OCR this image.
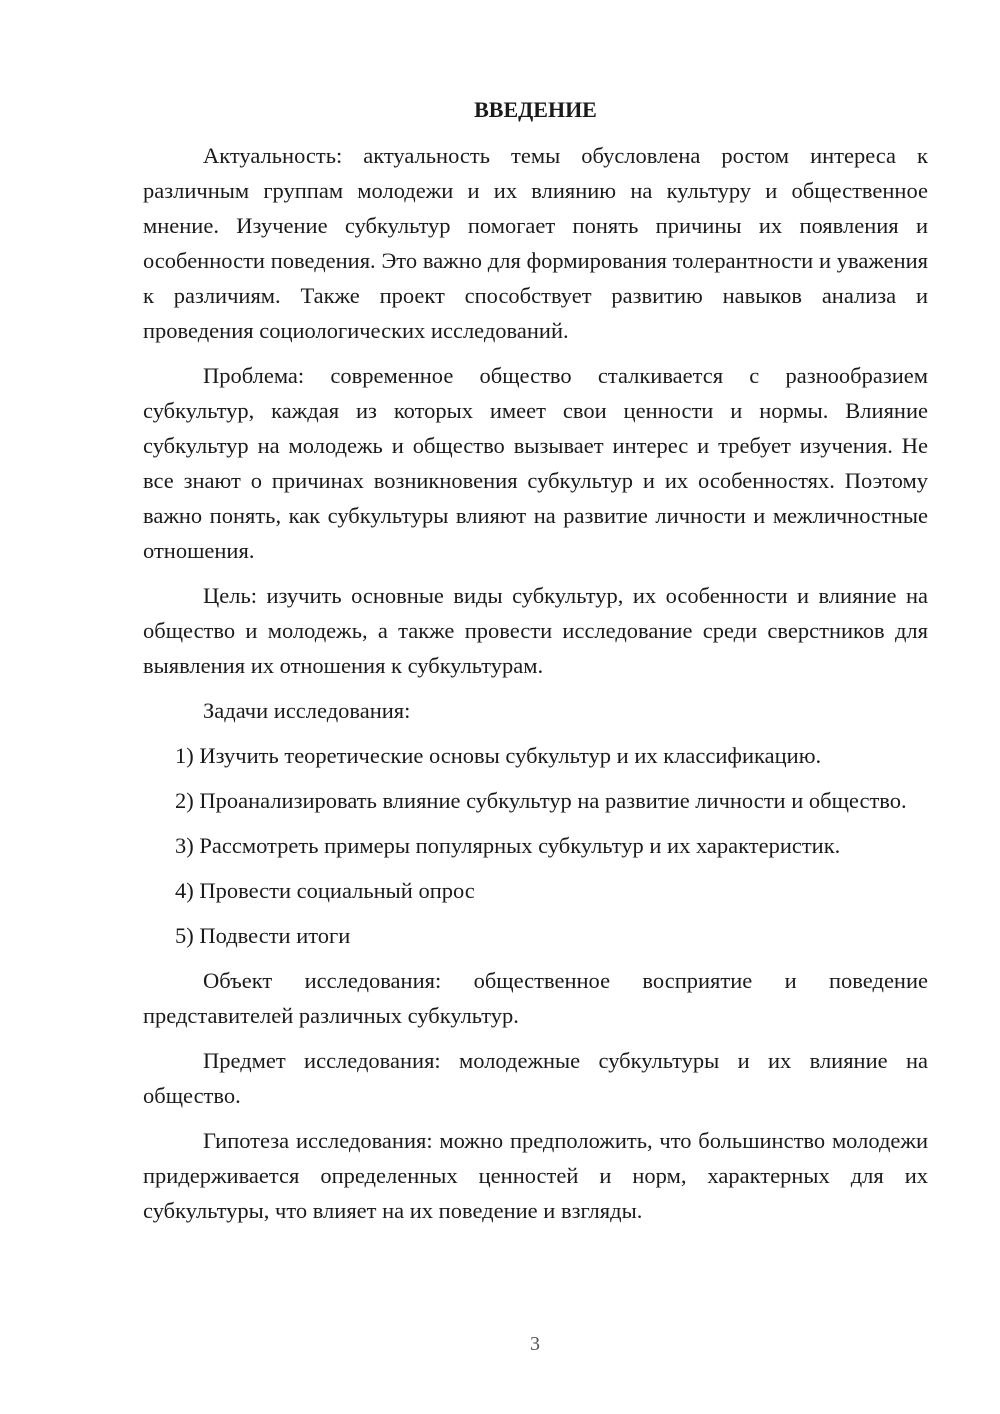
ВВЕДЕНИЕ

Актуальность: актуальность темы обусловлена ростом интереса к различным группам молодежи и их влиянию на культуру и общественное мнение. Изучение субкультур помогает понять причины их появления и особенности поведения. Это важно для формирования толерантности и уважения к различиям. Также проект способствует развитию навыков анализа и проведения социологических исследований.

Проблема: современное общество сталкивается с разнообразием субкультур, каждая из которых имеет свои ценности и нормы. Влияние субкультур на молодежь и общество вызывает интерес и требует изучения. Не все знают о причинах возникновения субкультур и их особенностях. Поэтому важно понять, как субкультуры влияют на развитие личности и межличностные отношения.

Цель: изучить основные виды субкультур, их особенности и влияние на общество и молодежь, а также провести исследование среди сверстников для выявления их отношения к субкультурам.

Задачи исследования:

1) Изучить теоретические основы субкультур и их классификацию.

2) Проанализировать влияние субкультур на развитие личности и общество.

3) Рассмотреть примеры популярных субкультур и их характеристик.

4) Провести социальный опрос

5) Подвести итоги

Объект исследования: общественное восприятие и поведение представителей различных субкультур.

Предмет исследования: молодежные субкультуры и их влияние на общество.

Гипотеза исследования: можно предположить, что большинство молодежи придерживается определенных ценностей и норм, характерных для их субкультуры, что влияет на их поведение и взгляды.

3
